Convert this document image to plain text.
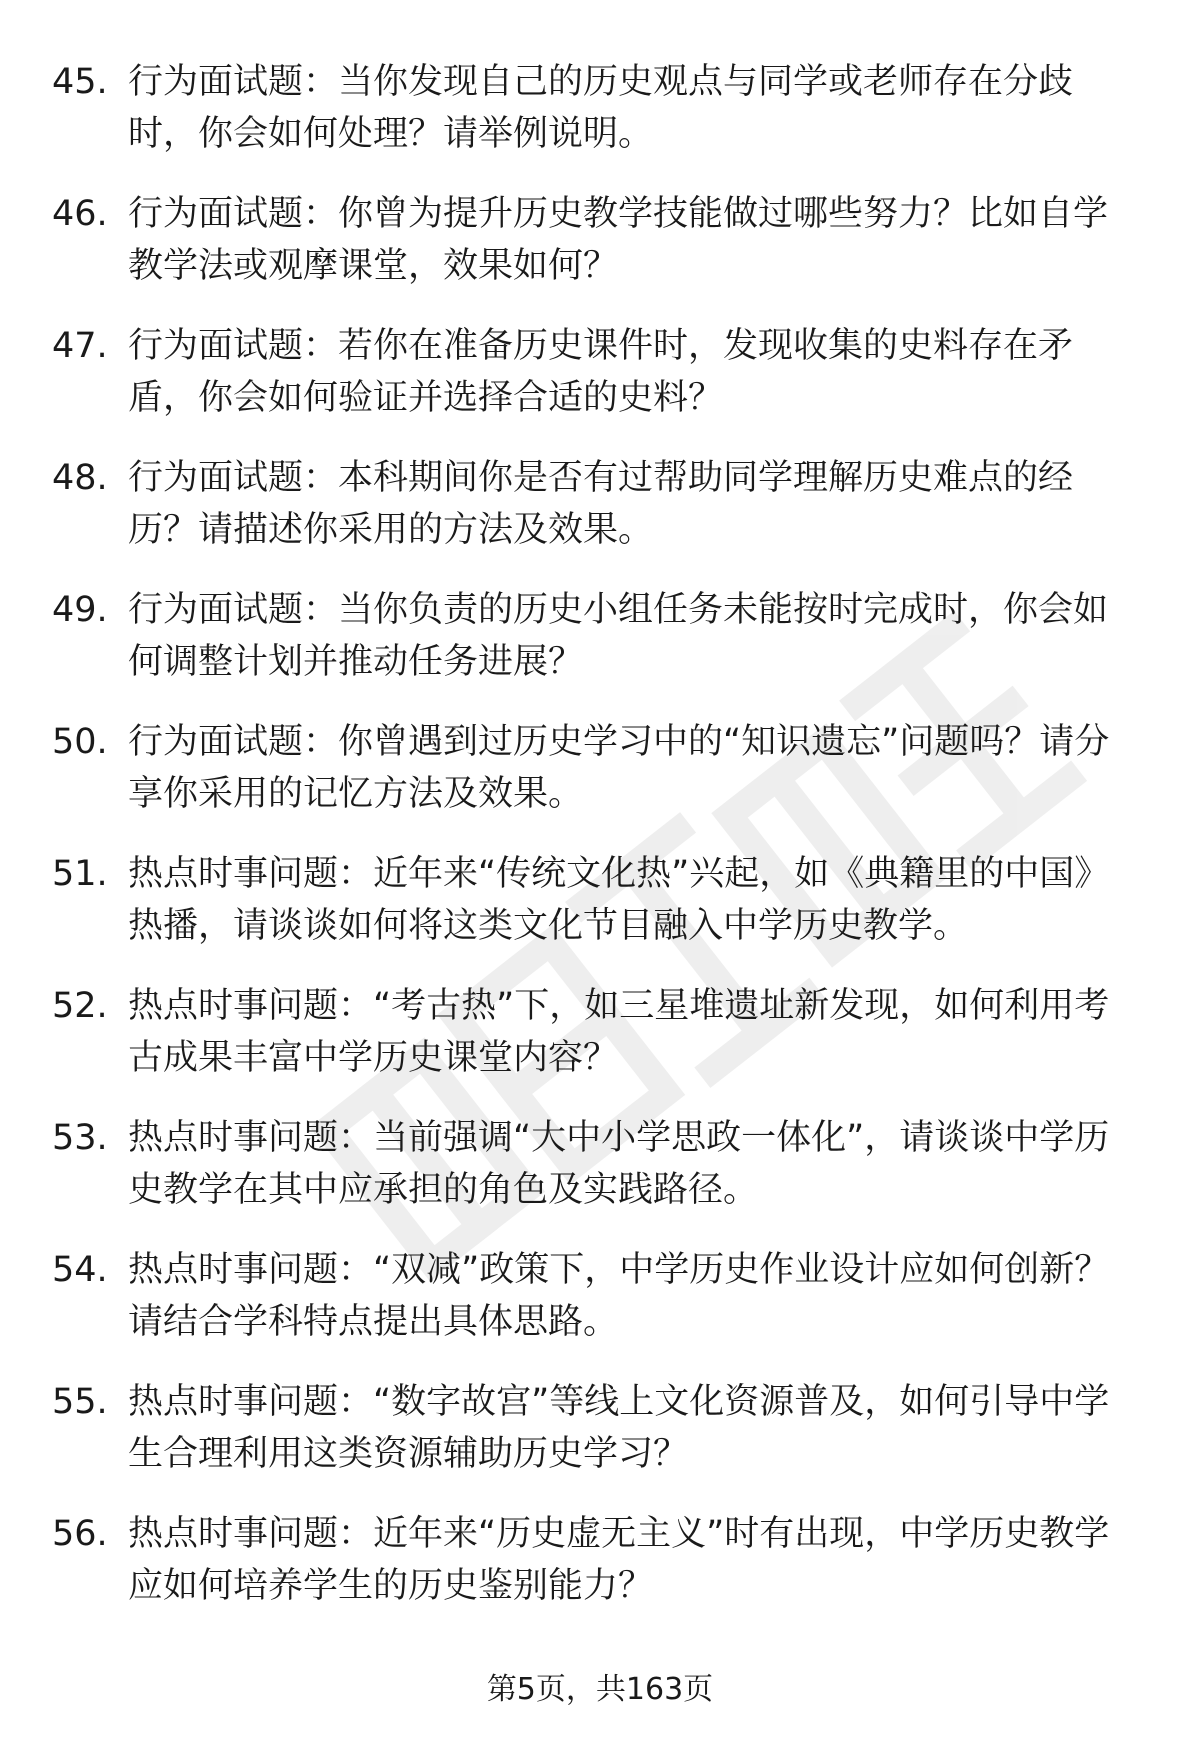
45. 行为面试题：当你发现自己的历史观点与同学或老师存在分歧时，你会如何处理？请举例说明。
46. 行为面试题：你曾为提升历史教学技能做过哪些努力？比如自学教学法或观摩课堂，效果如何？
47. 行为面试题：若你在准备历史课件时，发现收集的史料存在矛盾，你会如何验证并选择合适的史料？
48. 行为面试题：本科期间你是否有过帮助同学理解历史难点的经历？请描述你采用的方法及效果。
49. 行为面试题：当你负责的历史小组任务未能按时完成时，你会如何调整计划并推动任务进展？
50. 行为面试题：你曾遇到过历史学习中的“知识遗忘”问题吗？请分享你采用的记忆方法及效果。
51. 热点时事问题：近年来“传统文化热”兴起，如《典籍里的中国》热播，请谈谈如何将这类文化节目融入中学历史教学。
52. 热点时事问题：“考古热”下，如三星堆遗址新发现，如何利用考古成果丰富中学历史课堂内容？
53. 热点时事问题：当前强调“大中小学思政一体化”，请谈谈中学历史教学在其中应承担的角色及实践路径。
54. 热点时事问题：“双减”政策下，中学历史作业设计应如何创新？请结合学科特点提出具体思路。
55. 热点时事问题：“数字故宫”等线上文化资源普及，如何引导中学生合理利用这类资源辅助历史学习？
56. 热点时事问题：近年来“历史虚无主义”时有出现，中学历史教学应如何培养学生的历史鉴别能力？
第5页，共163页
